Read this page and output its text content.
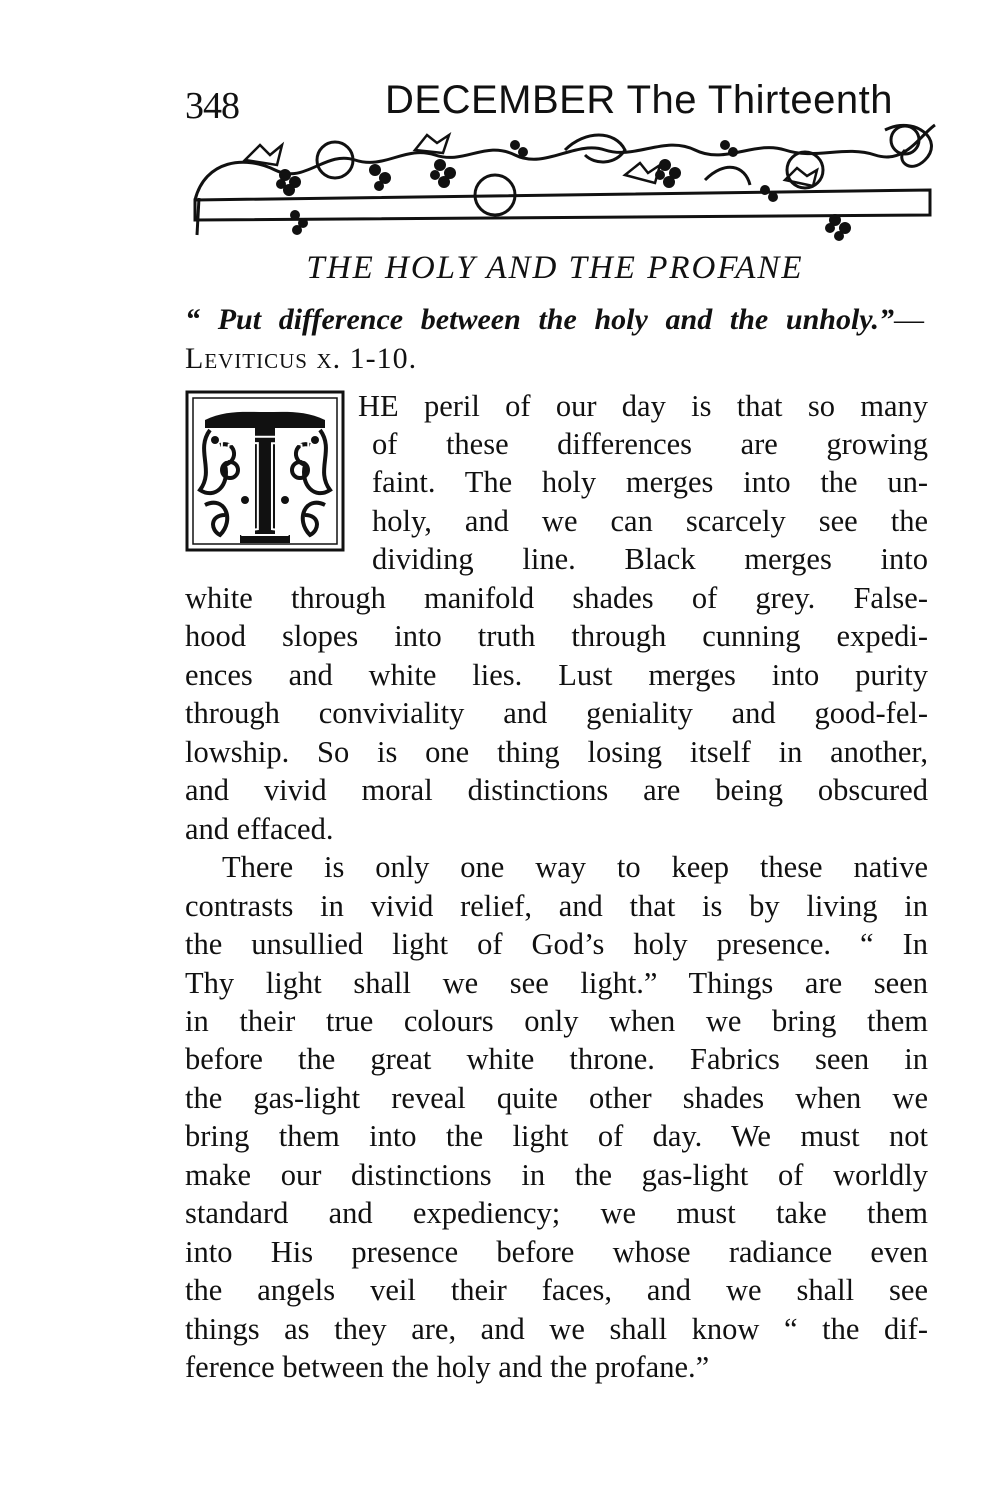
348	DECEMBER The Thirteenth
THE HOLY AND THE PROFANE
“ Put difference between the holy and the unholy.”—Leviticus x. 1-10.
T HE peril of our day is that so many
of these differences are growing
faint. The holy merges into the un-
holy, and we can scarcely see the
dividing line. Black merges into
white through manifold shades of grey. False-
hood slopes into truth through cunning expedi-
ences and white lies. Lust merges into purity
through conviviality and geniality and good-fel-
lowship. So is one thing losing itself in another,
and vivid moral distinctions are being obscured
and effaced.
There is only one way to keep these native
contrasts in vivid relief, and that is by living in
the unsullied light of God’s holy presence. “ In
Thy light shall we see light.” Things are seen
in their true colours only when we bring them
before the great white throne. Fabrics seen in
the gas-light reveal quite other shades when we
bring them into the light of day. We must not
make our distinctions in the gas-light of worldly
standard and expediency; we must take them
into His presence before whose radiance even
the angels veil their faces, and we shall see
things as they are, and we shall know “ the dif-
ference between the holy and the profane.”
